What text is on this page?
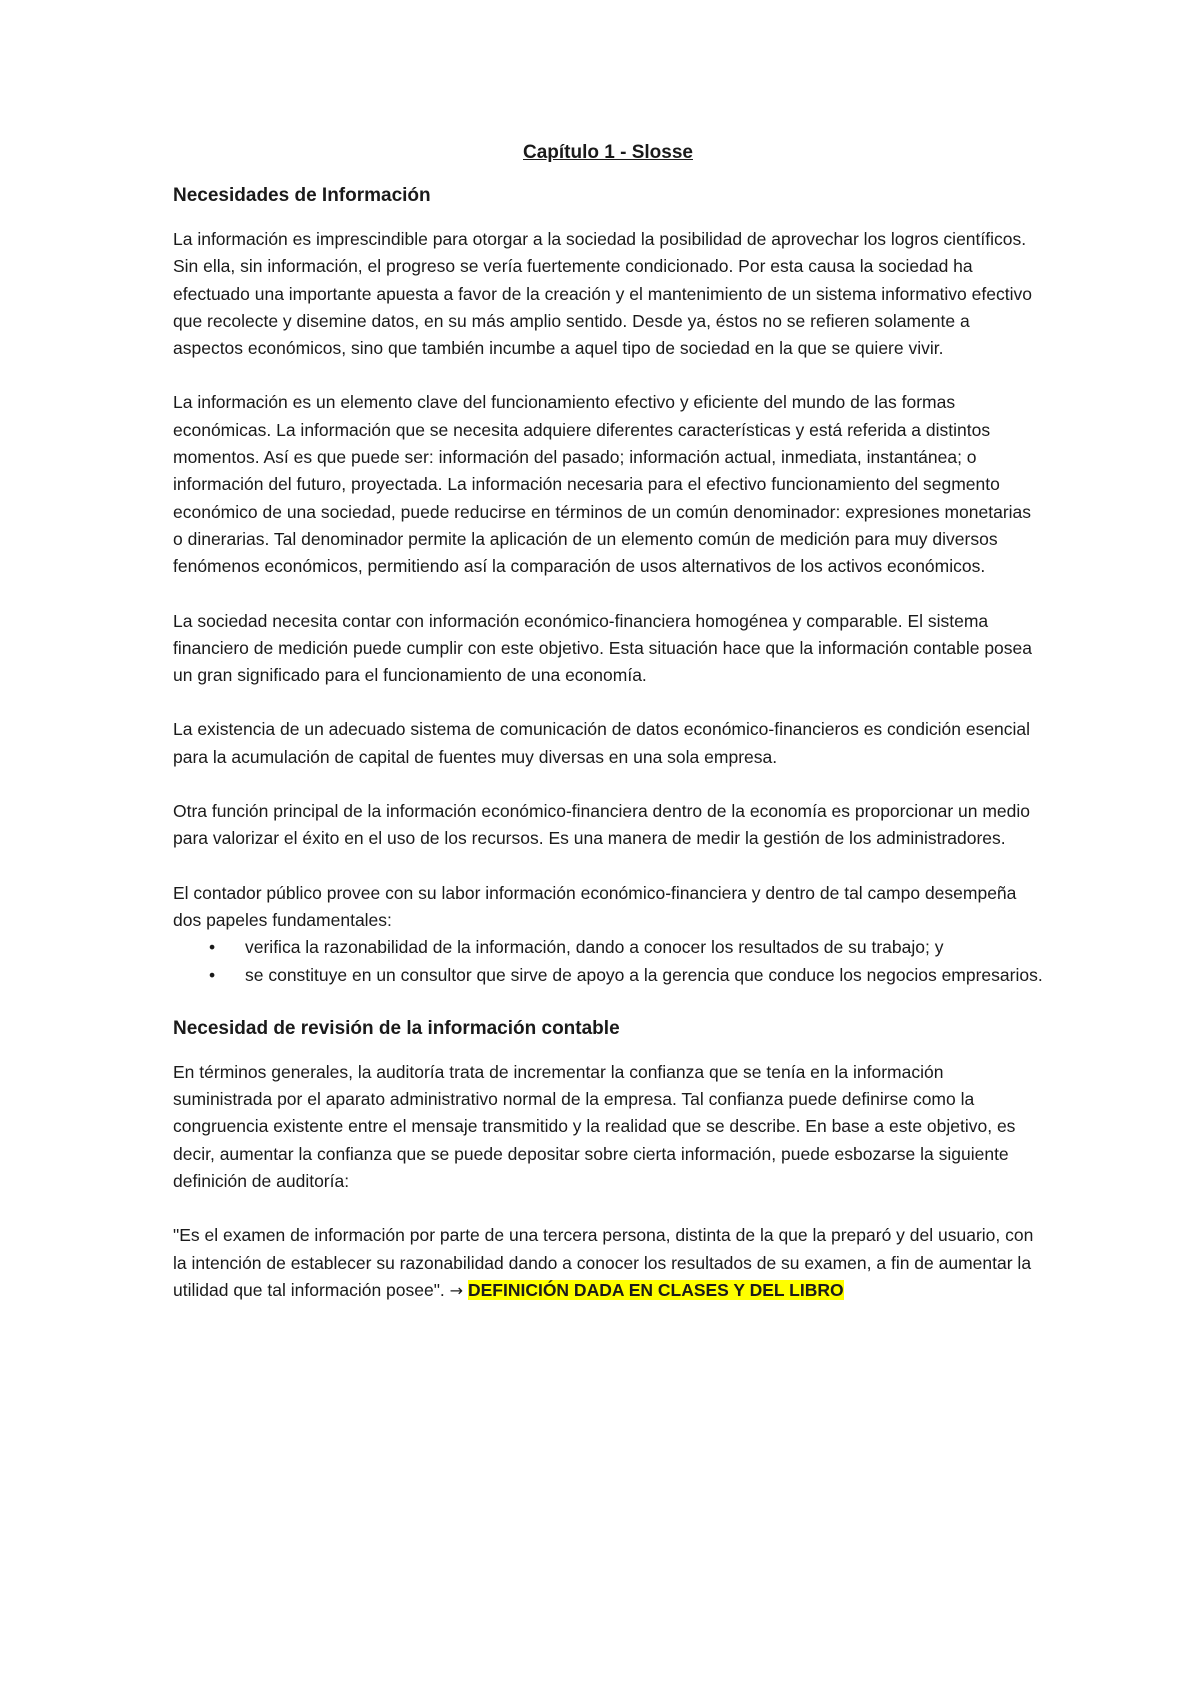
Capítulo 1 - Slosse
Necesidades de Información

La información es imprescindible para otorgar a la sociedad la posibilidad de aprovechar los logros científicos. Sin ella, sin información, el progreso se vería fuertemente condicionado. Por esta causa la sociedad ha efectuado una importante apuesta a favor de la creación y el mantenimiento de un sistema informativo efectivo que recolecte y disemine datos, en su más amplio sentido. Desde ya, éstos no se refieren solamente a aspectos económicos, sino que también incumbe a aquel tipo de sociedad en la que se quiere vivir.

La información es un elemento clave del funcionamiento efectivo y eficiente del mundo de las formas económicas. La información que se necesita adquiere diferentes características y está referida a distintos momentos. Así es que puede ser: información del pasado; información actual, inmediata, instantánea; o información del futuro, proyectada. La información necesaria para el efectivo funcionamiento del segmento económico de una sociedad, puede reducirse en términos de un común denominador: expresiones monetarias o dinerarias. Tal denominador permite la aplicación de un elemento común de medición para muy diversos fenómenos económicos, permitiendo así la comparación de usos alternativos de los activos económicos.

La sociedad necesita contar con información económico-financiera homogénea y comparable. El sistema financiero de medición puede cumplir con este objetivo. Esta situación hace que la información contable posea un gran significado para el funcionamiento de una economía.

La existencia de un adecuado sistema de comunicación de datos económico-financieros es condición esencial para la acumulación de capital de fuentes muy diversas en una sola empresa.

Otra función principal de la información económico-financiera dentro de la economía es proporcionar un medio para valorizar el éxito en el uso de los recursos. Es una manera de medir la gestión de los administradores.

El contador público provee con su labor información económico-financiera y dentro de tal campo desempeña dos papeles fundamentales:

• verifica la razonabilidad de la información, dando a conocer los resultados de su trabajo; y
• se constituye en un consultor que sirve de apoyo a la gerencia que conduce los negocios empresarios.
Necesidad de revisión de la información contable

En términos generales, la auditoría trata de incrementar la confianza que se tenía en la información suministrada por el aparato administrativo normal de la empresa. Tal confianza puede definirse como la congruencia existente entre el mensaje transmitido y la realidad que se describe. En base a este objetivo, es decir, aumentar la confianza que se puede depositar sobre cierta información, puede esbozarse la siguiente definición de auditoría:

"Es el examen de información por parte de una tercera persona, distinta de la que la preparó y del usuario, con la intención de establecer su razonabilidad dando a conocer los resultados de su examen, a fin de aumentar la utilidad que tal información posee". → DEFINICIÓN DADA EN CLASES Y DEL LIBRO
